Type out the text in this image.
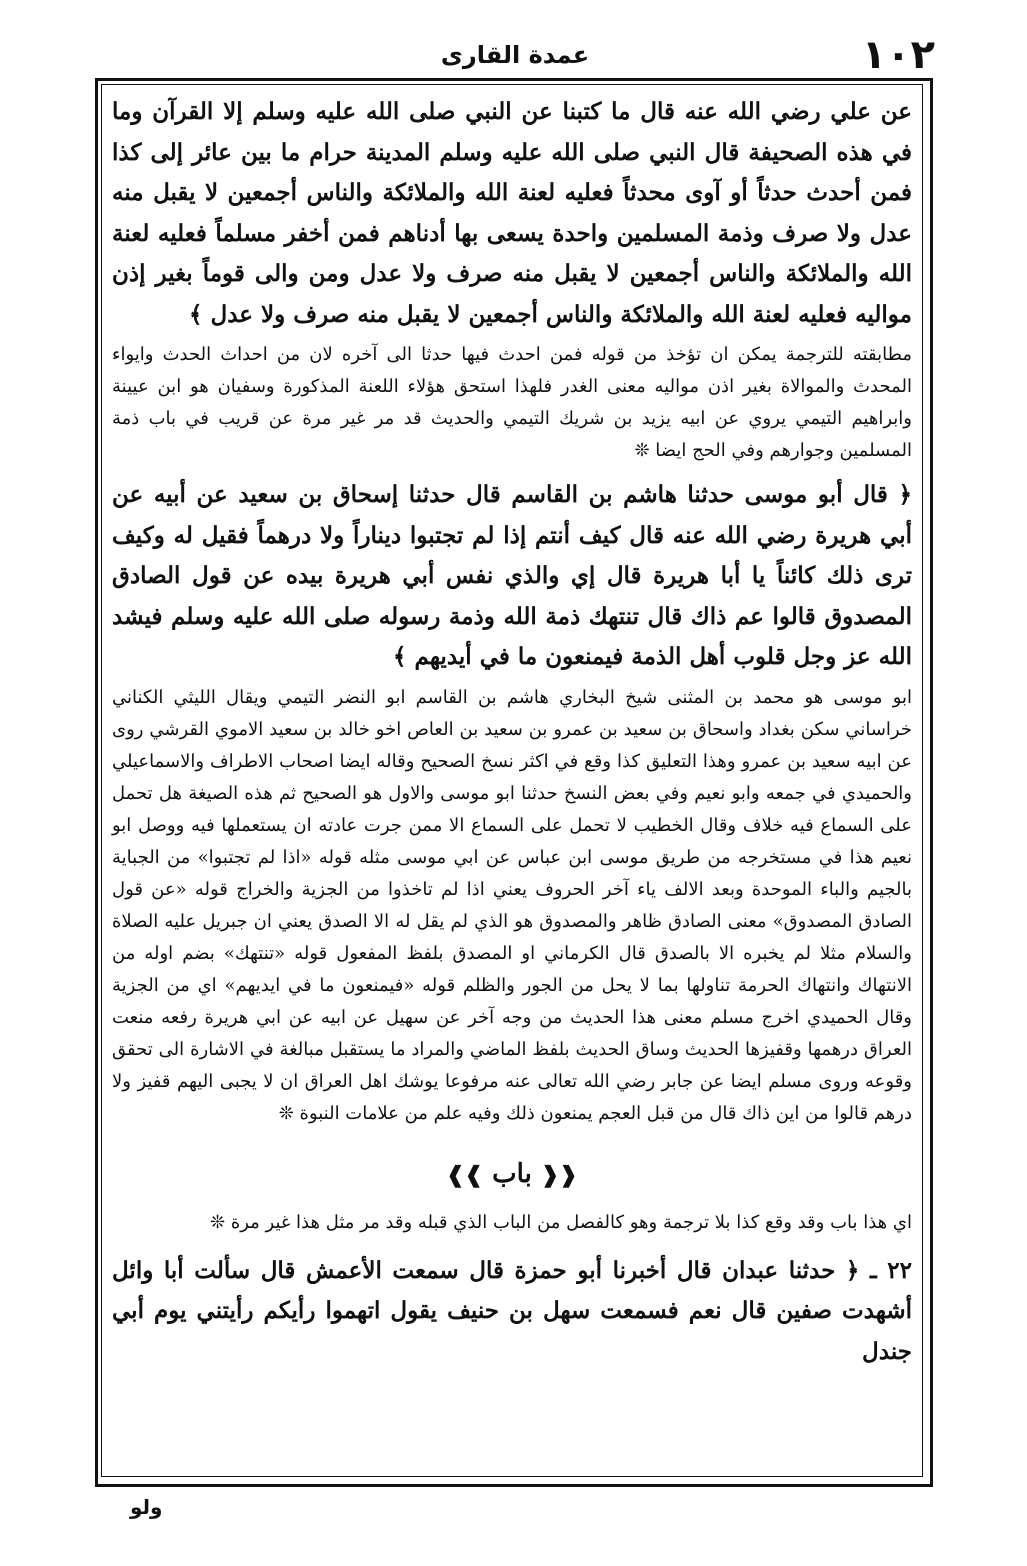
١٠٢
عمدة القارى

عن علي رضي الله عنه قال ما كتبنا عن النبي صلى الله عليه وسلم إلا القرآن وما في هذه الصحيفة قال النبي صلى الله عليه وسلم المدينة حرام ما بين عائر إلى كذا فمن أحدث حدثاً أو آوى محدثاً فعليه لعنة الله والملائكة والناس أجمعين لا يقبل منه عدل ولا صرف وذمة المسلمين واحدة يسعى بها أدناهم فمن أخفر مسلماً فعليه لعنة الله والملائكة والناس أجمعين لا يقبل منه صرف ولا عدل ومن والى قوماً بغير إذن مواليه فعليه لعنة الله والملائكة والناس أجمعين لا يقبل منه صرف ولا عدل ﴾

مطابقته للترجمة يمكن ان تؤخذ من قوله فمن احدث فيها حدثا الى آخره لان من احداث الحدث وايواء المحدث والموالاة بغير اذن مواليه معنى الغدر فلهذا استحق هؤلاء اللعنة المذكورة وسفيان هو ابن عيينة وابراهيم التيمي يروي عن ابيه يزيد بن شريك التيمي والحديث قد مر غير مرة عن قريب في باب ذمة المسلمين وجوارهم وفي الحج ايضا ❊

﴿ قال أبو موسى حدثنا هاشم بن القاسم قال حدثنا إسحاق بن سعيد عن أبيه عن أبي هريرة رضي الله عنه قال كيف أنتم إذا لم تجتبوا ديناراً ولا درهماً فقيل له وكيف ترى ذلك كائناً يا أبا هريرة قال إي والذي نفس أبي هريرة بيده عن قول الصادق المصدوق قالوا عم ذاك قال تنتهك ذمة الله وذمة رسوله صلى الله عليه وسلم فيشد الله عز وجل قلوب أهل الذمة فيمنعون ما في أيديهم ﴾

ابو موسى هو محمد بن المثنى شيخ البخاري هاشم بن القاسم ابو النضر التيمي ويقال الليثي الكناني خراساني سكن بغداد واسحاق بن سعيد بن عمرو بن سعيد بن العاص اخو خالد بن سعيد الاموي القرشي روى عن ابيه سعيد بن عمرو وهذا التعليق كذا وقع في اكثر نسخ الصحيح وقاله ايضا اصحاب الاطراف والاسماعيلي والحميدي في جمعه وابو نعيم وفي بعض النسخ حدثنا ابو موسى والاول هو الصحيح ثم هذه الصيغة هل تحمل على السماع فيه خلاف وقال الخطيب لا تحمل على السماع الا ممن جرت عادته ان يستعملها فيه ووصل ابو نعيم هذا في مستخرجه من طريق موسى ابن عباس عن ابي موسى مثله قوله «اذا لم تجتبوا» من الجباية بالجيم والباء الموحدة وبعد الالف ياء آخر الحروف يعني اذا لم تاخذوا من الجزية والخراج قوله «عن قول الصادق المصدوق» معنى الصادق ظاهر والمصدوق هو الذي لم يقل له الا الصدق يعني ان جبريل عليه الصلاة والسلام مثلا لم يخبره الا بالصدق قال الكرماني او المصدق بلفظ المفعول قوله «تنتهك» بضم اوله من الانتهاك وانتهاك الحرمة تناولها بما لا يحل من الجور والظلم قوله «فيمنعون ما في ايديهم» اي من الجزية وقال الحميدي اخرج مسلم معنى هذا الحديث من وجه آخر عن سهيل عن ابيه عن ابي هريرة رفعه منعت العراق درهمها وقفيزها الحديث وساق الحديث بلفظ الماضي والمراد ما يستقبل مبالغة في الاشارة الى تحقق وقوعه وروى مسلم ايضا عن جابر رضي الله تعالى عنه مرفوعا يوشك اهل العراق ان لا يجبى اليهم قفيز ولا درهم قالوا من اين ذاك قال من قبل العجم يمنعون ذلك وفيه علم من علامات النبوة ❊

❰❰ باب ❱❱
اي هذا باب وقد وقع كذا بلا ترجمة وهو كالفصل من الباب الذي قبله وقد مر مثل هذا غير مرة ❊

٢٢ ـ ﴿ حدثنا عبدان قال أخبرنا أبو حمزة قال سمعت الأعمش قال سألت أبا وائل أشهدت صفين قال نعم فسمعت سهل بن حنيف يقول اتهموا رأيكم رأيتني يوم أبي جندل

ولو
